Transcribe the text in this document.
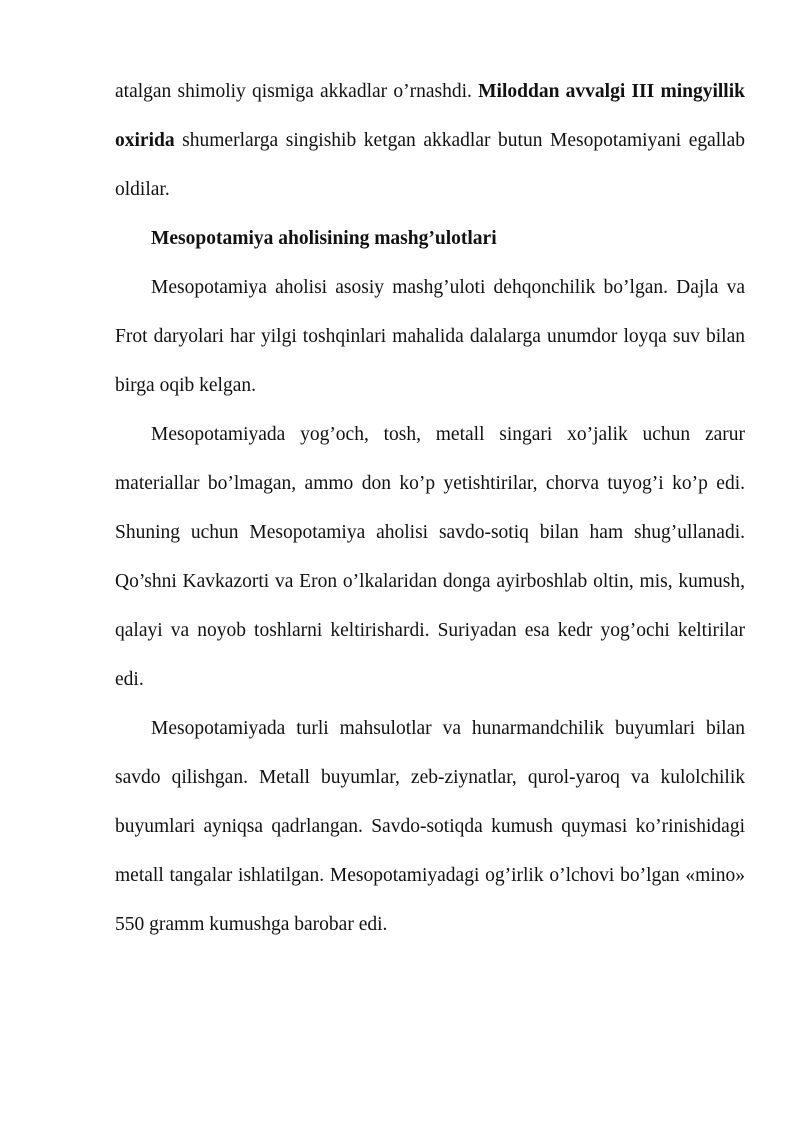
atalgan shimoliy qismiga akkadlar o’rnashdi. Miloddan avvalgi III mingyillik oxirida shumerlarga singishib ketgan akkadlar butun Mesopotamiyani egallab oldilar.

Mesopotamiya aholisining mashg’ulotlari

Mesopotamiya aholisi asosiy mashg’uloti dehqonchilik bo’lgan. Dajla va Frot daryolari har yilgi toshqinlari mahalida dalalarga unumdor loyqa suv bilan birga oqib kelgan.

Mesopotamiyada yog’och, tosh, metall singari xo’jalik uchun zarur materiallar bo’lmagan, ammo don ko’p yetishtirilar, chorva tuyog’i ko’p edi. Shuning uchun Mesopotamiya aholisi savdo-sotiq bilan ham shug’ullanadi. Qo’shni Kavkazorti va Eron o’lkalaridan donga ayirboshlab oltin, mis, kumush, qalayi va noyob toshlarni keltirishardi. Suriyadan esa kedr yog’ochi keltirilar edi.

Mesopotamiyada turli mahsulotlar va hunarmandchilik buyumlari bilan savdo qilishgan. Metall buyumlar, zeb-ziynatlar, qurol-yaroq va kulolchilik buyumlari ayniqsa qadrlangan. Savdo-sotiqda kumush quymasi ko’rinishidagi metall tangalar ishlatilgan. Mesopotamiyadagi og’irlik o’lchovi bo’lgan «mino» 550 gramm kumushga barobar edi.
